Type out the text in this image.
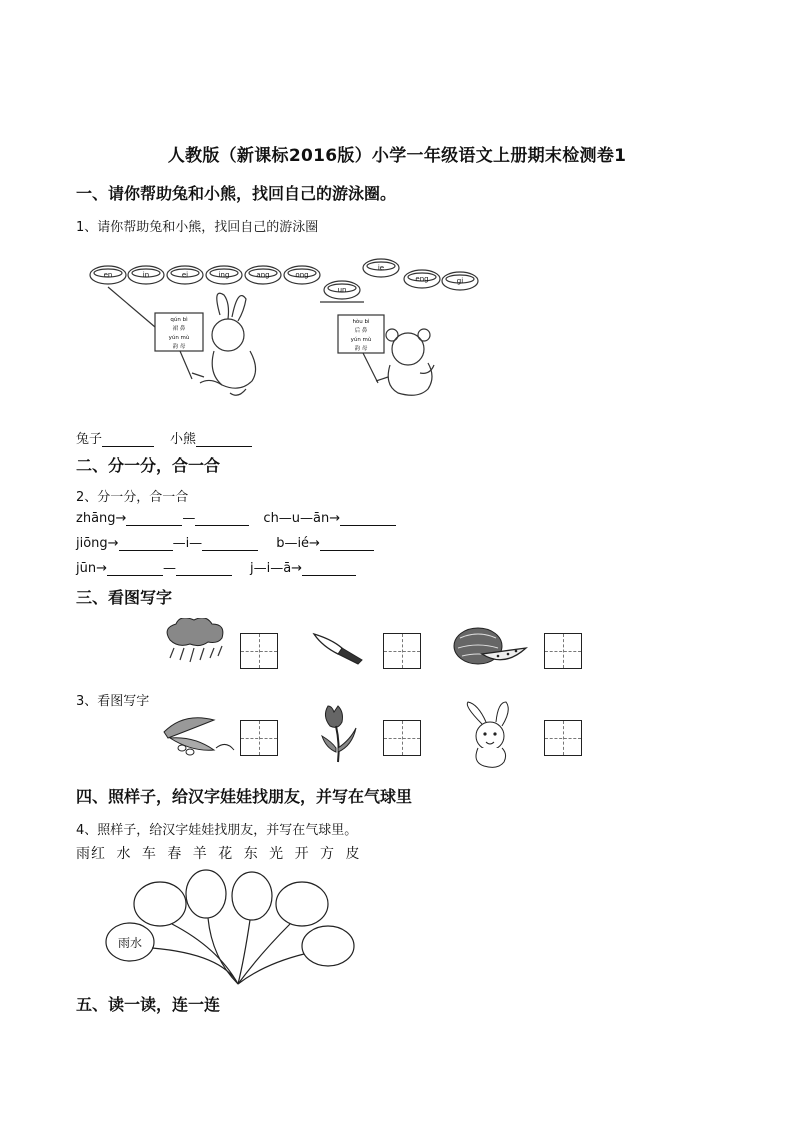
人教版（新课标2016版）小学一年级语文上册期末检测卷1
一、请你帮助兔和小熊，找回自己的游泳圈。
1、请你帮助兔和小熊，找回自己的游泳圈
en	in	ei	ing	ang	ong
un
ie
eng	gi
qún bì
裙 鼻
yún mù
韵 母
hòu bì
后 鼻
yún mù
韵 母
兔子	小熊
二、分一分，合一合
2、分一分，合一合
zhāng→	—	ch—u—ān→
jiōng→	—i—	b—ié→
jūn→	—	j—i—ā→
三、看图写字
3、看图写字
四、照样子，给汉字娃娃找朋友，并写在气球里
4、照样子，给汉字娃娃找朋友，并写在气球里。
雨红 水 车 春 羊 花 东 光 开 方 皮
雨水
五、读一读，连一连
